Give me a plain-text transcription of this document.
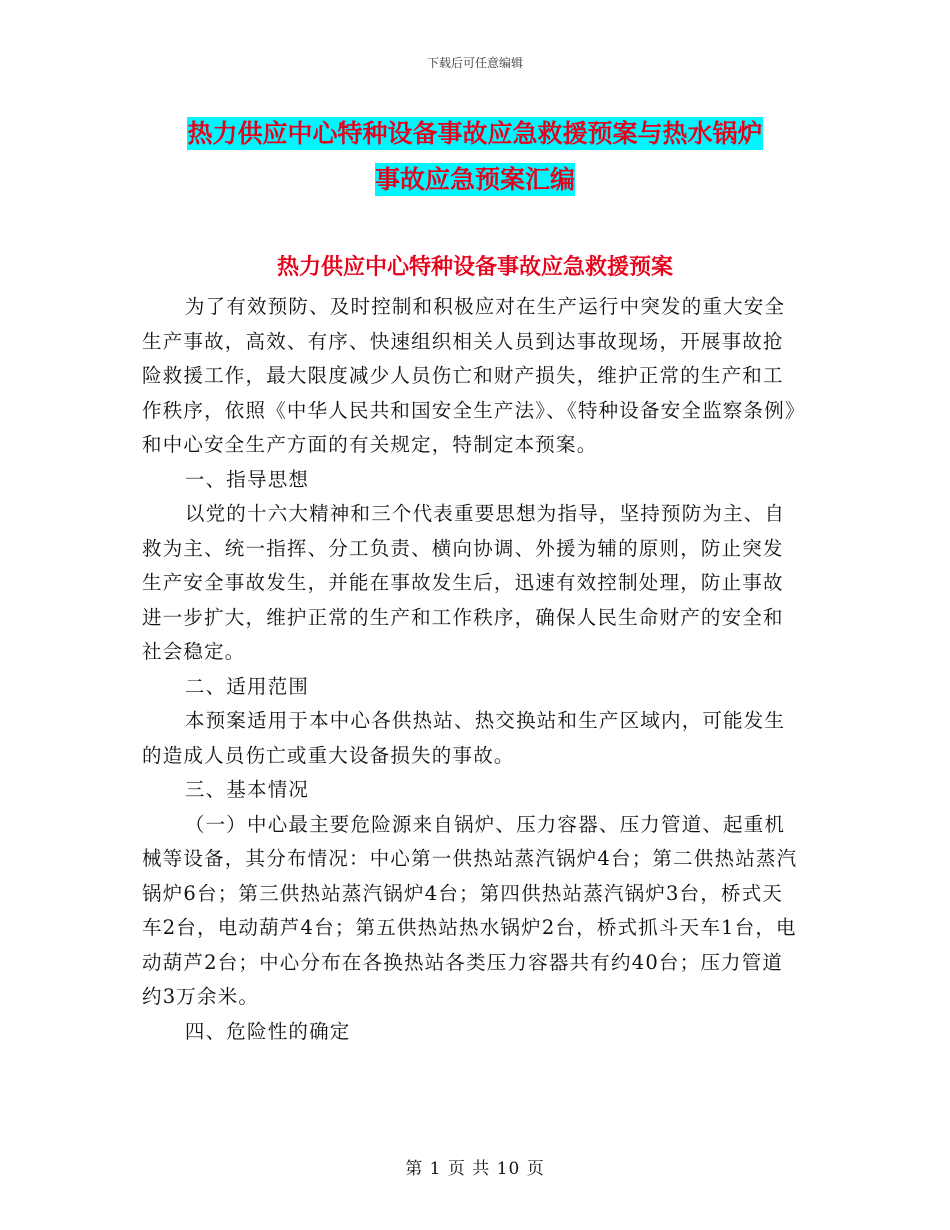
下载后可任意编辑
热力供应中心特种设备事故应急救援预案与热水锅炉
事故应急预案汇编
热力供应中心特种设备事故应急救援预案

为了有效预防、及时控制和积极应对在生产运行中突发的重大安全生产事故，高效、有序、快速组织相关人员到达事故现场，开展事故抢险救援工作，最大限度减少人员伤亡和财产损失，维护正常的生产和工作秩序，依照《中华人民共和国安全生产法》、《特种设备安全监察条例》和中心安全生产方面的有关规定，特制定本预案。

一、指导思想

以党的十六大精神和三个代表重要思想为指导，坚持预防为主、自救为主、统一指挥、分工负责、横向协调、外援为辅的原则，防止突发生产安全事故发生，并能在事故发生后，迅速有效控制处理，防止事故进一步扩大，维护正常的生产和工作秩序，确保人民生命财产的安全和社会稳定。

二、适用范围

本预案适用于本中心各供热站、热交换站和生产区域内，可能发生的造成人员伤亡或重大设备损失的事故。

三、基本情况

（一）中心最主要危险源来自锅炉、压力容器、压力管道、起重机械等设备，其分布情况：中心第一供热站蒸汽锅炉4台；第二供热站蒸汽锅炉6台；第三供热站蒸汽锅炉4台；第四供热站蒸汽锅炉3台，桥式天车2台，电动葫芦4台；第五供热站热水锅炉2台，桥式抓斗天车1台，电动葫芦2台；中心分布在各换热站各类压力容器共有约40台；压力管道约3万余米。

四、危险性的确定

第 1 页 共 10 页
